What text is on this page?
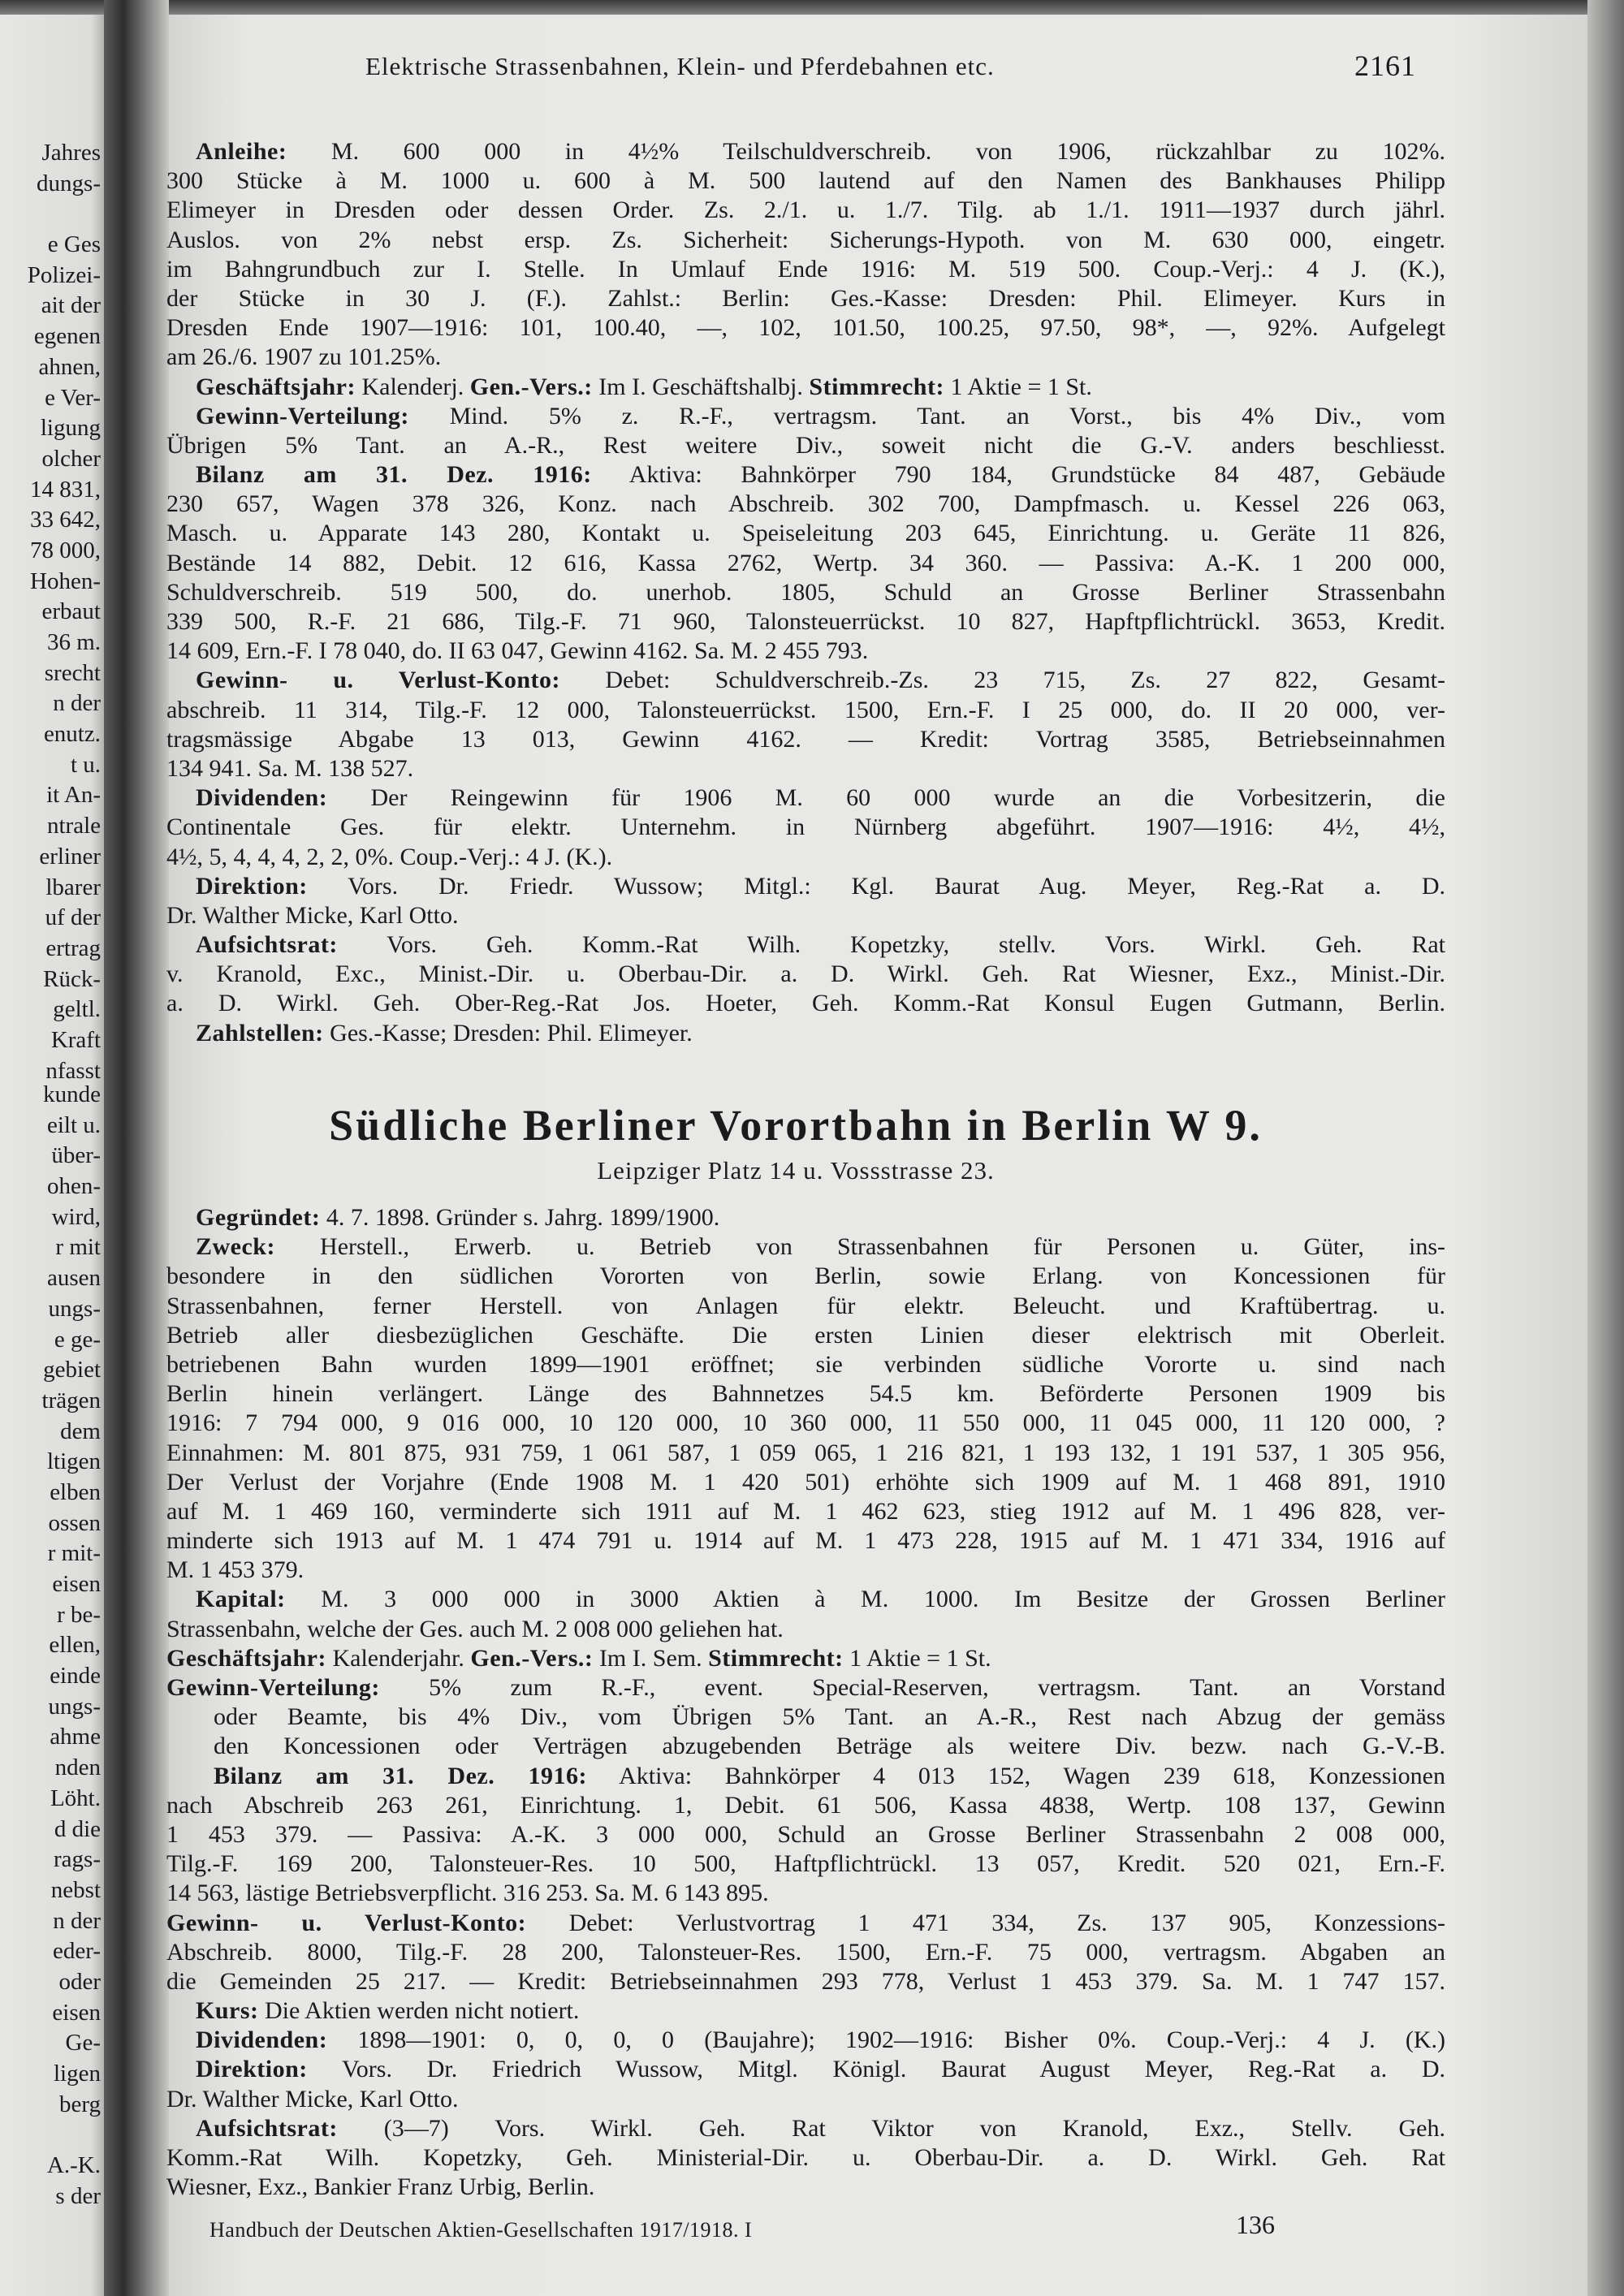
Jahres
dungs-
e Ges
Polizei-
ait der
egenen
ahnen,
e Ver-
ligung
olcher
14 831,
33 642,
78 000,
Hohen-
erbaut
36 m.
srecht
n der
enutz.
t u.
it An-
ntrale
erliner
lbarer
uf der
ertrag
Rück-
geltl.
Kraft
nfasst
kunde
eilt u.
über-
ohen-
wird,
r mit
ausen
ungs-
e ge-
gebiet
trägen
dem
ltigen
elben
ossen
r mit-
eisen
r be-
ellen,
einde
ungs-
ahme
nden
Löht.
d die
rags-
nebst
n der
eder-
oder
eisen
Ge-
ligen
berg
A.-K.
s der
Elektrische Strassenbahnen, Klein- und Pferdebahnen etc.	2161
Anleihe: M. 600 000 in 4½% Teilschuldverschreib. von 1906, rückzahlbar zu 102%.
300 Stücke à M. 1000 u. 600 à M. 500 lautend auf den Namen des Bankhauses Philipp
Elimeyer in Dresden oder dessen Order. Zs. 2./1. u. 1./7. Tilg. ab 1./1. 1911—1937 durch jährl.
Auslos. von 2% nebst ersp. Zs. Sicherheit: Sicherungs-Hypoth. von M. 630 000, eingetr.
im Bahngrundbuch zur I. Stelle. In Umlauf Ende 1916: M. 519 500. Coup.-Verj.: 4 J. (K.),
der Stücke in 30 J. (F.). Zahlst.: Berlin: Ges.-Kasse: Dresden: Phil. Elimeyer. Kurs in
Dresden Ende 1907—1916: 101, 100.40, —, 102, 101.50, 100.25, 97.50, 98*, —, 92%. Aufgelegt
am 26./6. 1907 zu 101.25%.
Geschäftsjahr: Kalenderj. Gen.-Vers.: Im I. Geschäftshalbj. Stimmrecht: 1 Aktie = 1 St.
Gewinn-Verteilung: Mind. 5% z. R.-F., vertragsm. Tant. an Vorst., bis 4% Div., vom
Übrigen 5% Tant. an A.-R., Rest weitere Div., soweit nicht die G.-V. anders beschliesst.
Bilanz am 31. Dez. 1916: Aktiva: Bahnkörper 790 184, Grundstücke 84 487, Gebäude
230 657, Wagen 378 326, Konz. nach Abschreib. 302 700, Dampfmasch. u. Kessel 226 063,
Masch. u. Apparate 143 280, Kontakt u. Speiseleitung 203 645, Einrichtung. u. Geräte 11 826,
Bestände 14 882, Debit. 12 616, Kassa 2762, Wertp. 34 360. — Passiva: A.-K. 1 200 000,
Schuldverschreib. 519 500, do. unerhob. 1805, Schuld an Grosse Berliner Strassenbahn
339 500, R.-F. 21 686, Tilg.-F. 71 960, Talonsteuerrückst. 10 827, Hapftpflichtrückl. 3653, Kredit.
14 609, Ern.-F. I 78 040, do. II 63 047, Gewinn 4162. Sa. M. 2 455 793.
Gewinn- u. Verlust-Konto: Debet: Schuldverschreib.-Zs. 23 715, Zs. 27 822, Gesamt-
abschreib. 11 314, Tilg.-F. 12 000, Talonsteuerrückst. 1500, Ern.-F. I 25 000, do. II 20 000, ver-
tragsmässige Abgabe 13 013, Gewinn 4162. — Kredit: Vortrag 3585, Betriebseinnahmen
134 941. Sa. M. 138 527.
Dividenden: Der Reingewinn für 1906 M. 60 000 wurde an die Vorbesitzerin, die
Continentale Ges. für elektr. Unternehm. in Nürnberg abgeführt. 1907—1916: 4½, 4½,
4½, 5, 4, 4, 4, 2, 2, 0%. Coup.-Verj.: 4 J. (K.).
Direktion: Vors. Dr. Friedr. Wussow; Mitgl.: Kgl. Baurat Aug. Meyer, Reg.-Rat a. D.
Dr. Walther Micke, Karl Otto.
Aufsichtsrat: Vors. Geh. Komm.-Rat Wilh. Kopetzky, stellv. Vors. Wirkl. Geh. Rat
v. Kranold, Exc., Minist.-Dir. u. Oberbau-Dir. a. D. Wirkl. Geh. Rat Wiesner, Exz., Minist.-Dir.
a. D. Wirkl. Geh. Ober-Reg.-Rat Jos. Hoeter, Geh. Komm.-Rat Konsul Eugen Gutmann, Berlin.
Zahlstellen: Ges.-Kasse; Dresden: Phil. Elimeyer.
Südliche Berliner Vorortbahn in Berlin W 9.
Leipziger Platz 14 u. Vossstrasse 23.
Gegründet: 4. 7. 1898. Gründer s. Jahrg. 1899/1900.
Zweck: Herstell., Erwerb. u. Betrieb von Strassenbahnen für Personen u. Güter, ins-
besondere in den südlichen Vororten von Berlin, sowie Erlang. von Koncessionen für
Strassenbahnen, ferner Herstell. von Anlagen für elektr. Beleucht. und Kraftübertrag. u.
Betrieb aller diesbezüglichen Geschäfte. Die ersten Linien dieser elektrisch mit Oberleit.
betriebenen Bahn wurden 1899—1901 eröffnet; sie verbinden südliche Vororte u. sind nach
Berlin hinein verlängert. Länge des Bahnnetzes 54.5 km. Beförderte Personen 1909 bis
1916: 7 794 000, 9 016 000, 10 120 000, 10 360 000, 11 550 000, 11 045 000, 11 120 000, ?
Einnahmen: M. 801 875, 931 759, 1 061 587, 1 059 065, 1 216 821, 1 193 132, 1 191 537, 1 305 956,
Der Verlust der Vorjahre (Ende 1908 M. 1 420 501) erhöhte sich 1909 auf M. 1 468 891, 1910
auf M. 1 469 160, verminderte sich 1911 auf M. 1 462 623, stieg 1912 auf M. 1 496 828, ver-
minderte sich 1913 auf M. 1 474 791 u. 1914 auf M. 1 473 228, 1915 auf M. 1 471 334, 1916 auf
M. 1 453 379.
Kapital: M. 3 000 000 in 3000 Aktien à M. 1000. Im Besitze der Grossen Berliner
Strassenbahn, welche der Ges. auch M. 2 008 000 geliehen hat.
Geschäftsjahr: Kalenderjahr. Gen.-Vers.: Im I. Sem. Stimmrecht: 1 Aktie = 1 St.
Gewinn-Verteilung: 5% zum R.-F., event. Special-Reserven, vertragsm. Tant. an Vorstand
oder Beamte, bis 4% Div., vom Übrigen 5% Tant. an A.-R., Rest nach Abzug der gemäss
den Koncessionen oder Verträgen abzugebenden Beträge als weitere Div. bezw. nach G.-V.-B.
Bilanz am 31. Dez. 1916: Aktiva: Bahnkörper 4 013 152, Wagen 239 618, Konzessionen
nach Abschreib 263 261, Einrichtung. 1, Debit. 61 506, Kassa 4838, Wertp. 108 137, Gewinn
1 453 379. — Passiva: A.-K. 3 000 000, Schuld an Grosse Berliner Strassenbahn 2 008 000,
Tilg.-F. 169 200, Talonsteuer-Res. 10 500, Haftpflichtrückl. 13 057, Kredit. 520 021, Ern.-F.
14 563, lästige Betriebsverpflicht. 316 253. Sa. M. 6 143 895.
Gewinn- u. Verlust-Konto: Debet: Verlustvortrag 1 471 334, Zs. 137 905, Konzessions-
Abschreib. 8000, Tilg.-F. 28 200, Talonsteuer-Res. 1500, Ern.-F. 75 000, vertragsm. Abgaben an
die Gemeinden 25 217. — Kredit: Betriebseinnahmen 293 778, Verlust 1 453 379. Sa. M. 1 747 157.
Kurs: Die Aktien werden nicht notiert.
Dividenden: 1898—1901: 0, 0, 0, 0 (Baujahre); 1902—1916: Bisher 0%. Coup.-Verj.: 4 J. (K.)
Direktion: Vors. Dr. Friedrich Wussow, Mitgl. Königl. Baurat August Meyer, Reg.-Rat a. D.
Dr. Walther Micke, Karl Otto.
Aufsichtsrat: (3—7) Vors. Wirkl. Geh. Rat Viktor von Kranold, Exz., Stellv. Geh.
Komm.-Rat Wilh. Kopetzky, Geh. Ministerial-Dir. u. Oberbau-Dir. a. D. Wirkl. Geh. Rat
Wiesner, Exz., Bankier Franz Urbig, Berlin.
Handbuch der Deutschen Aktien-Gesellschaften 1917/1918. I	136
